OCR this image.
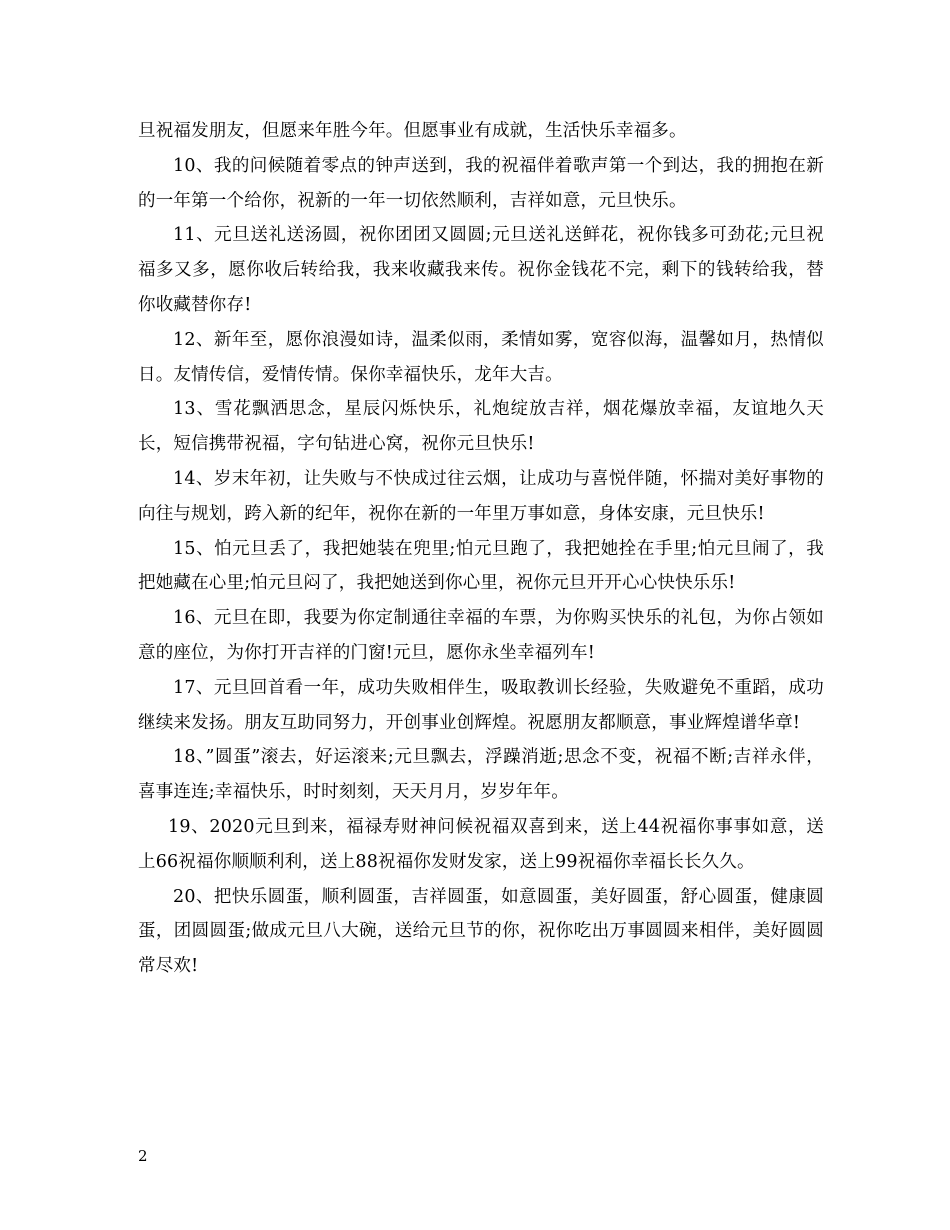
旦祝福发朋友，但愿来年胜今年。但愿事业有成就，生活快乐幸福多。

10、我的问候随着零点的钟声送到，我的祝福伴着歌声第一个到达，我的拥抱在新的一年第一个给你，祝新的一年一切依然顺利，吉祥如意，元旦快乐。

11、元旦送礼送汤圆，祝你团团又圆圆;元旦送礼送鲜花，祝你钱多可劲花;元旦祝福多又多，愿你收后转给我，我来收藏我来传。祝你金钱花不完，剩下的钱转给我，替你收藏替你存!

12、新年至，愿你浪漫如诗，温柔似雨，柔情如雾，宽容似海，温馨如月，热情似日。友情传信，爱情传情。保你幸福快乐，龙年大吉。

13、雪花飘洒思念，星辰闪烁快乐，礼炮绽放吉祥，烟花爆放幸福，友谊地久天长，短信携带祝福，字句钻进心窝，祝你元旦快乐!

14、岁末年初，让失败与不快成过往云烟，让成功与喜悦伴随，怀揣对美好事物的向往与规划，跨入新的纪年，祝你在新的一年里万事如意，身体安康，元旦快乐!

15、怕元旦丢了，我把她装在兜里;怕元旦跑了，我把她拴在手里;怕元旦闹了，我把她藏在心里;怕元旦闷了，我把她送到你心里，祝你元旦开开心心快快乐乐!

16、元旦在即，我要为你定制通往幸福的车票，为你购买快乐的礼包，为你占领如意的座位，为你打开吉祥的门窗!元旦，愿你永坐幸福列车!

17、元旦回首看一年，成功失败相伴生，吸取教训长经验，失败避免不重蹈，成功继续来发扬。朋友互助同努力，开创事业创辉煌。祝愿朋友都顺意，事业辉煌谱华章!

18、”圆蛋”滚去，好运滚来;元旦飘去，浮躁消逝;思念不变，祝福不断;吉祥永伴，喜事连连;幸福快乐，时时刻刻，天天月月，岁岁年年。

19、2020元旦到来，福禄寿财神问候祝福双喜到来，送上44祝福你事事如意，送上66祝福你顺顺利利，送上88祝福你发财发家，送上99祝福你幸福长长久久。

20、把快乐圆蛋，顺利圆蛋，吉祥圆蛋，如意圆蛋，美好圆蛋，舒心圆蛋，健康圆蛋，团圆圆蛋;做成元旦八大碗，送给元旦节的你，祝你吃出万事圆圆来相伴，美好圆圆常尽欢!

2
